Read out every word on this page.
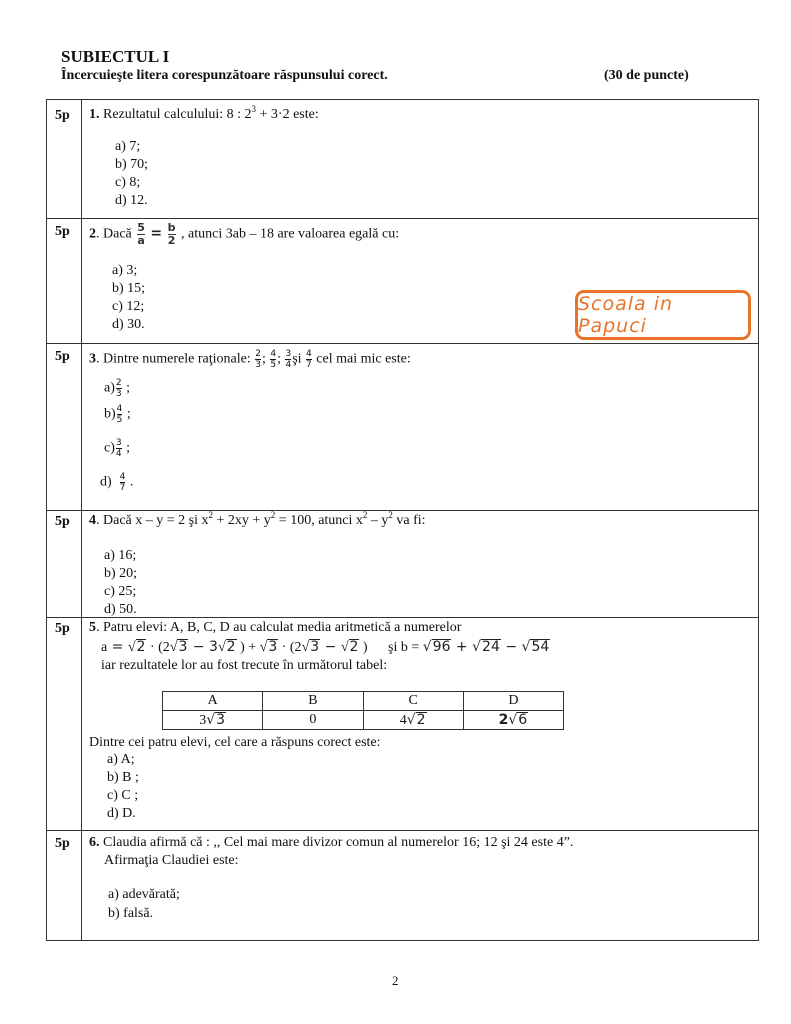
SUBIECTUL I
Încercuieşte litera corespunzătoare răspunsului corect.	(30 de puncte)
5p 1. Rezultatul calculului: 8 : $2^3 + 3\cdot 2$ este:
a) 7;
b) 70;
c) 8;
d) 12.
5p 2. Dacă $\frac{5}{a} = \frac{b}{2}$ , atunci 3ab – 18 are valoarea egală cu:
a) 3;
b) 15;
c) 12;
d) 30.
Scoala in Papuci
5p 3. Dintre numerele raţionale: $\frac{2}{3}$ ; $\frac{4}{5}$ ; $\frac{3}{4}$ şi $\frac{4}{7}$ cel mai mic este:
$a) \frac{2}{3}$ ;
$b) \frac{4}{5}$ ;
$c) \frac{3}{4}$ ;
$d) \frac{4}{7}$ .
5p 4. Dacă x – y = 2 şi $x^2 + 2xy + y^2 = 100$, atunci $x^2 - y^2$ va fi:
a) 16;
b) 20;
c) 25;
d) 50.
5p 5. Patru elevi: A, B, C, D au calculat media aritmetică a numerelor
a = √2 · (2√3 − 3√2 ) + √3 · (2√3 − √2 ) şi b = √96 + √24 − √54
iar rezultatele lor au fost trecute în următorul tabel:
A	B	C	D
3√3	0	4√2	2√6
Dintre cei patru elevi, cel care a răspuns corect este:
a) A;
b) B ;
c) C ;
d) D.
5p 6. Claudia afirmă că : ,, Cel mai mare divizor comun al numerelor 16; 12 şi 24 este 4”.
Afirmaţia Claudiei este:
a) adevărată;
b) falsă.
2
